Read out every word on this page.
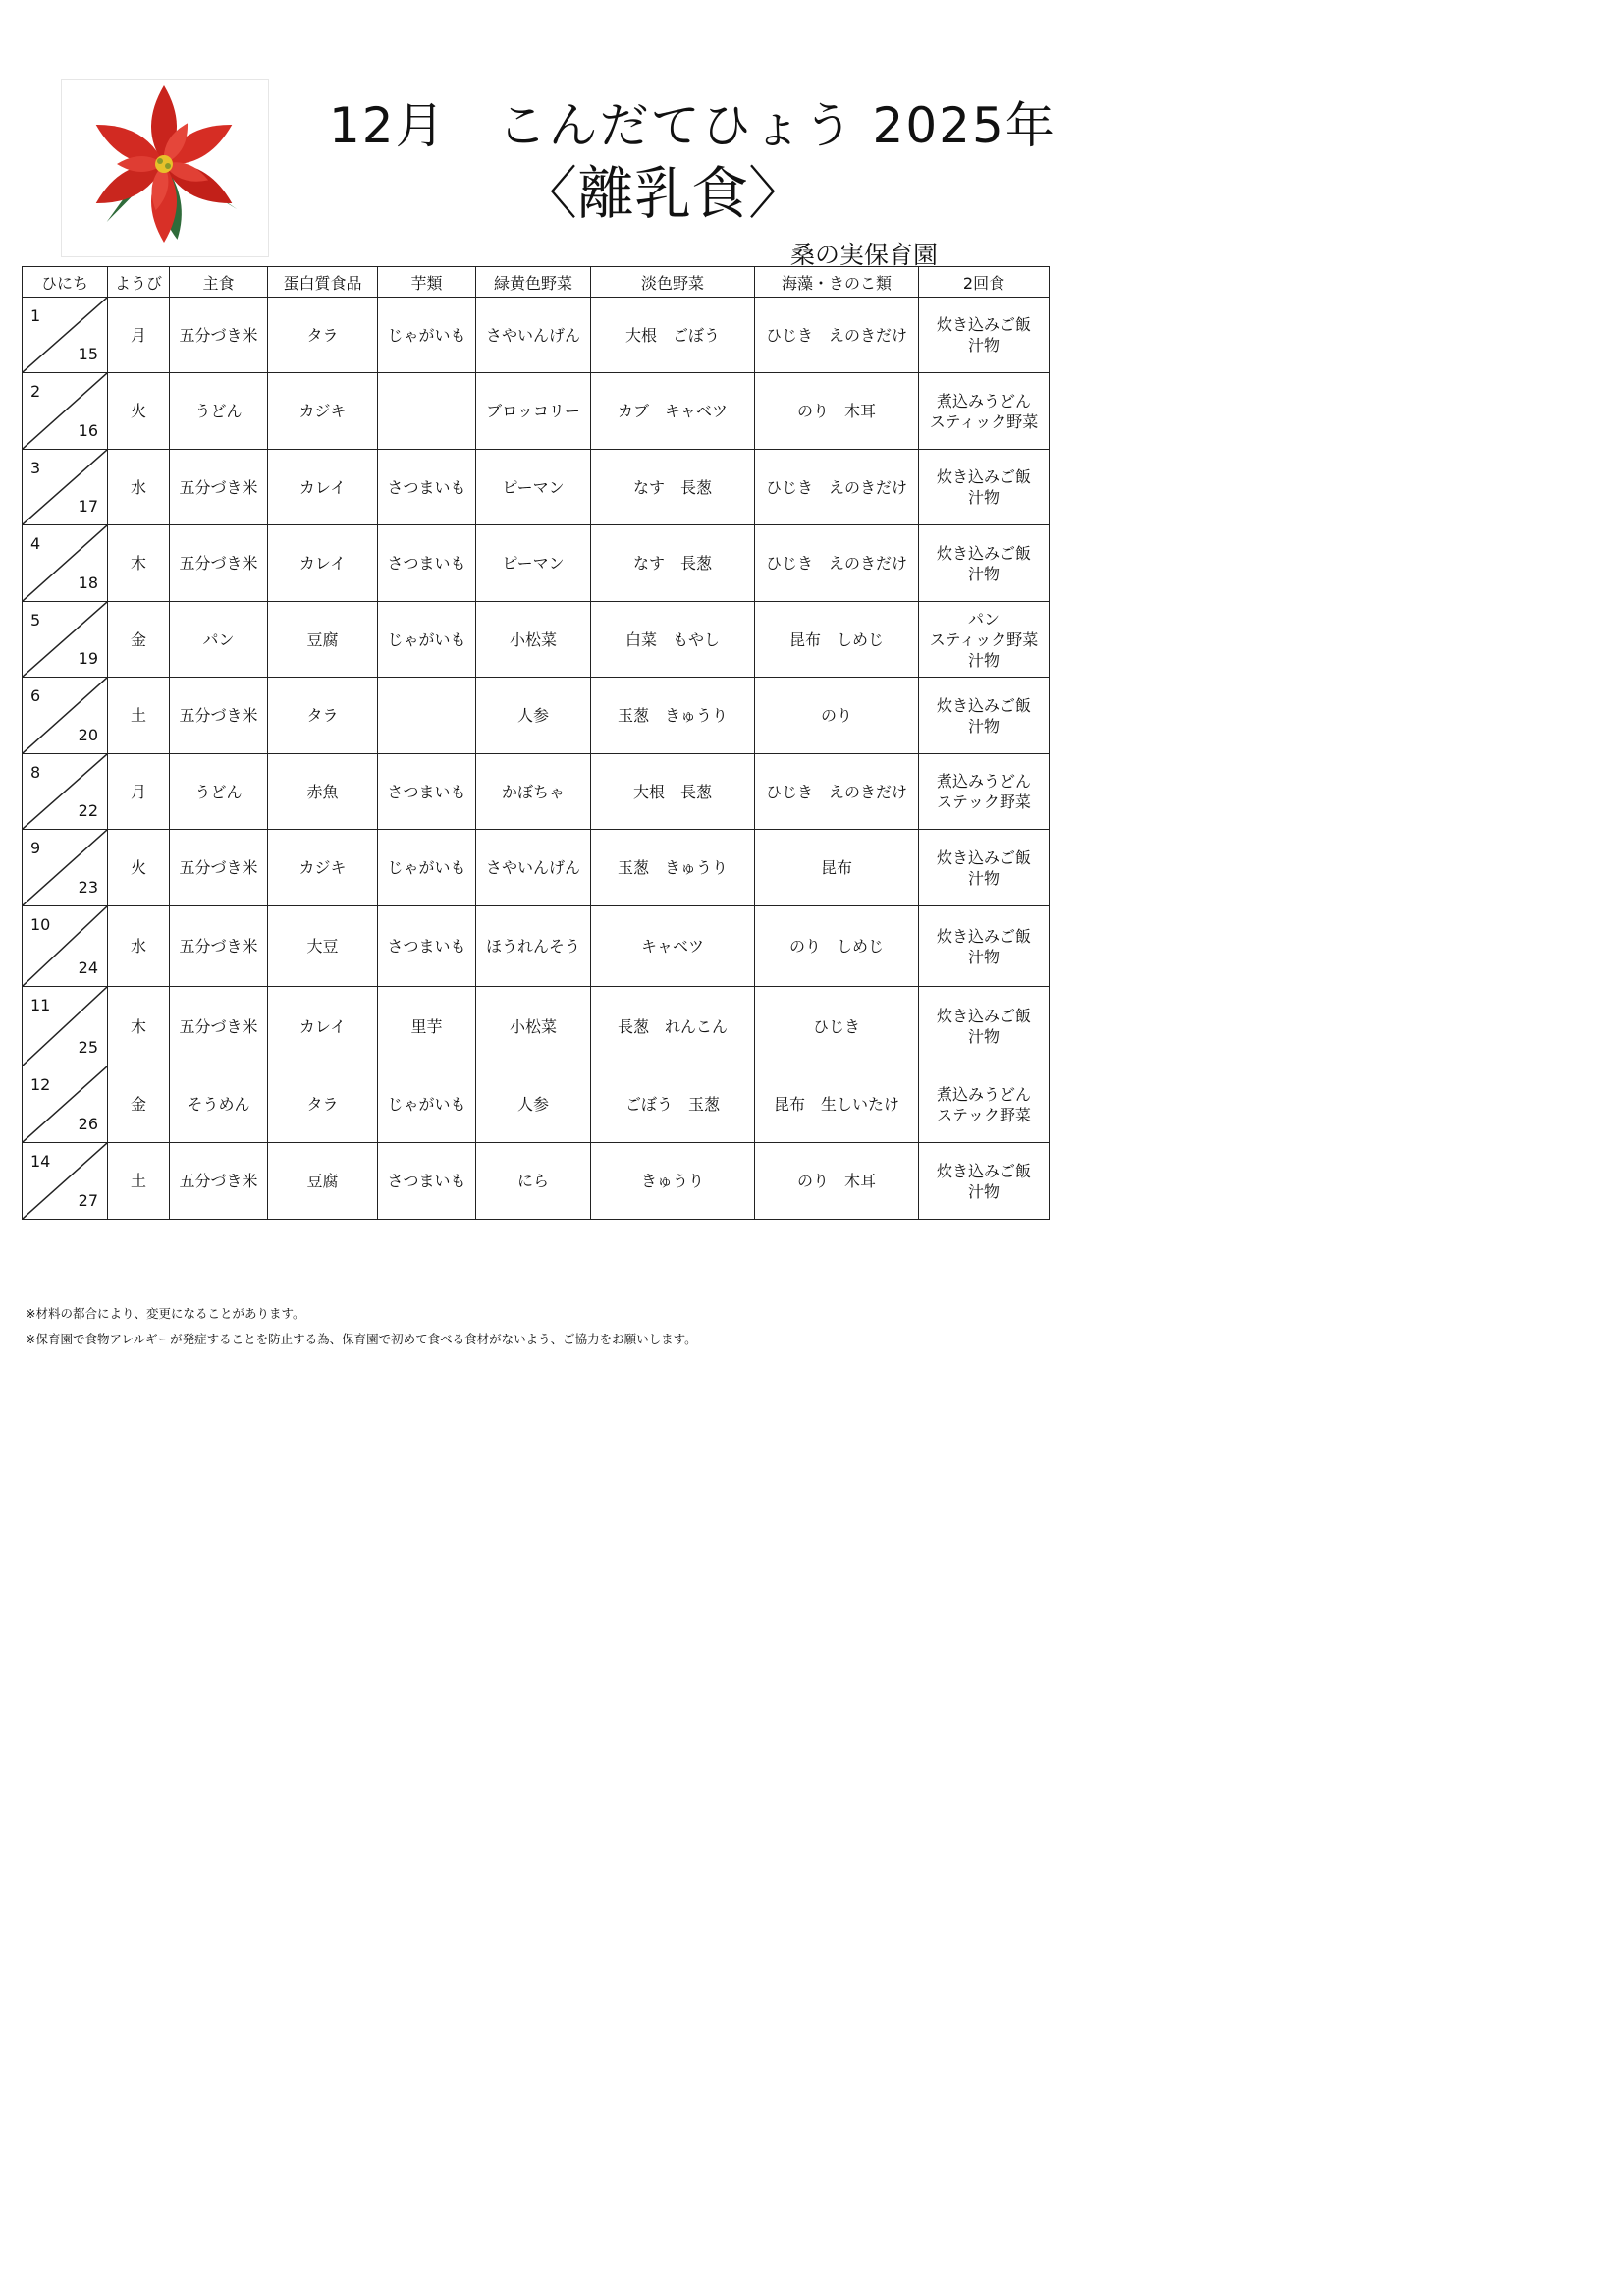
12月　こんだてひょう 2025年
〈離乳食〉
桑の実保育園
ひにち	ようび	主食	蛋白質食品	芋類	緑黄色野菜	淡色野菜	海藻・きのこ類	2回食

1
15	月	五分づき米	タラ	じゃがいも	さやいんげん	大根　ごぼう	ひじき　えのきだけ	炊き込みご飯
汁物

2
16	火	うどん	カジキ		ブロッコリー	カブ　キャベツ	のり　木耳	煮込みうどん
スティック野菜

3
17	水	五分づき米	カレイ	さつまいも	ピーマン	なす　長葱	ひじき　えのきだけ	炊き込みご飯
汁物

4
18	木	五分づき米	カレイ	さつまいも	ピーマン	なす　長葱	ひじき　えのきだけ	炊き込みご飯
汁物

5
19	金	パン	豆腐	じゃがいも	小松菜	白菜　もやし	昆布　しめじ	パン
スティック野菜
汁物

6
20	土	五分づき米	タラ		人参	玉葱　きゅうり	のり	炊き込みご飯
汁物

8
22	月	うどん	赤魚	さつまいも	かぼちゃ	大根　長葱	ひじき　えのきだけ	煮込みうどん
ステック野菜

9
23	火	五分づき米	カジキ	じゃがいも	さやいんげん	玉葱　きゅうり	昆布	炊き込みご飯
汁物

10
24	水	五分づき米	大豆	さつまいも	ほうれんそう	キャベツ	のり　しめじ	炊き込みご飯
汁物

11
25	木	五分づき米	カレイ	里芋	小松菜	長葱　れんこん	ひじき	炊き込みご飯
汁物

12
26	金	そうめん	タラ	じゃがいも	人参	ごぼう　玉葱	昆布　生しいたけ	煮込みうどん
ステック野菜

14
27	土	五分づき米	豆腐	さつまいも	にら	きゅうり	のり　木耳	炊き込みご飯
汁物
※材料の都合により、変更になることがあります。
※保育園で食物アレルギーが発症することを防止する為、保育園で初めて食べる食材がないよう、ご協力をお願いします。
